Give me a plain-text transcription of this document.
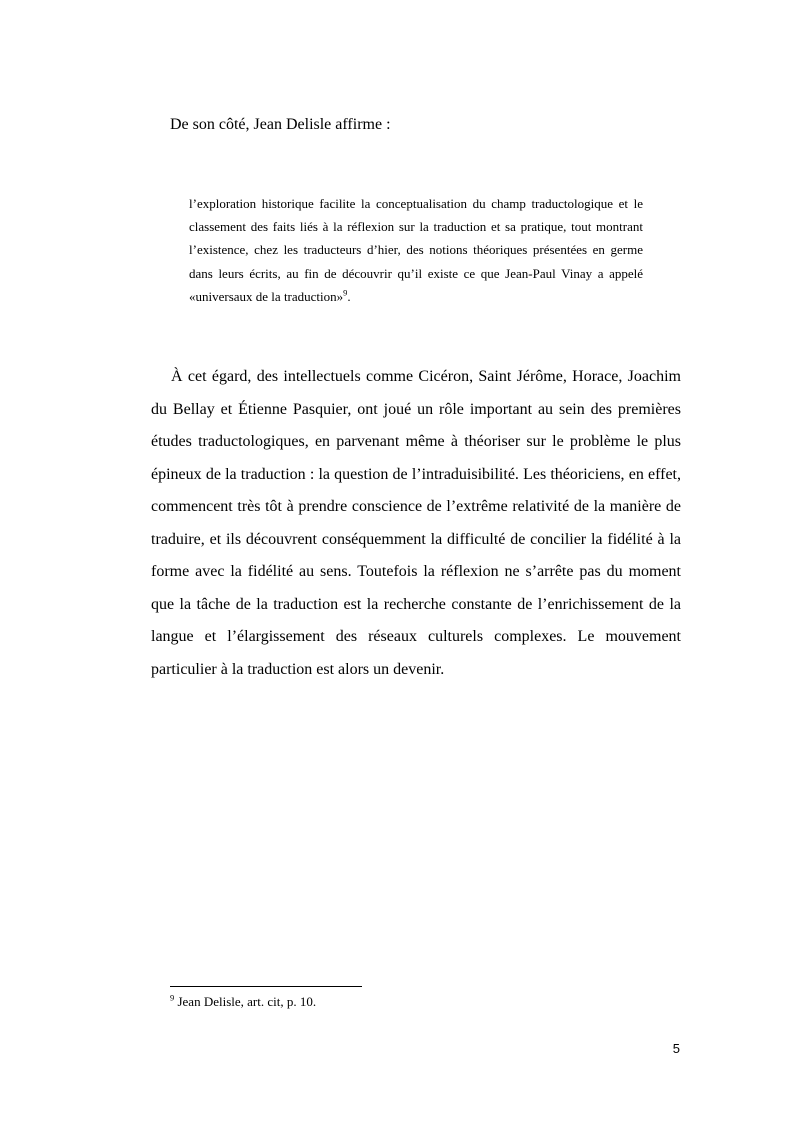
De son côté, Jean Delisle affirme :

l’exploration historique facilite la conceptualisation du champ traductologique et le classement des faits liés à la réflexion sur la traduction et sa pratique, tout montrant l’existence, chez les traducteurs d’hier, des notions théoriques présentées en germe dans leurs écrits, au fin de découvrir qu’il existe ce que Jean-Paul Vinay a appelé «universaux de la traduction»$^9$.

À cet égard, des intellectuels comme Cicéron, Saint Jérôme, Horace, Joachim du Bellay et Étienne Pasquier, ont joué un rôle important au sein des premières études traductologiques, en parvenant même à théoriser sur le problème le plus épineux de la traduction : la question de l’intraduisibilité. Les théoriciens, en effet, commencent très tôt à prendre conscience de l’extrême relativité de la manière de traduire, et ils découvrent conséquemment la difficulté de concilier la fidélité à la forme avec la fidélité au sens. Toutefois la réflexion ne s’arrête pas du moment que la tâche de la traduction est la recherche constante de l’enrichissement de la langue et l’élargissement des réseaux culturels complexes. Le mouvement particulier à la traduction est alors un devenir.

$^9$ Jean Delisle, art. cit, p. 10.

5
